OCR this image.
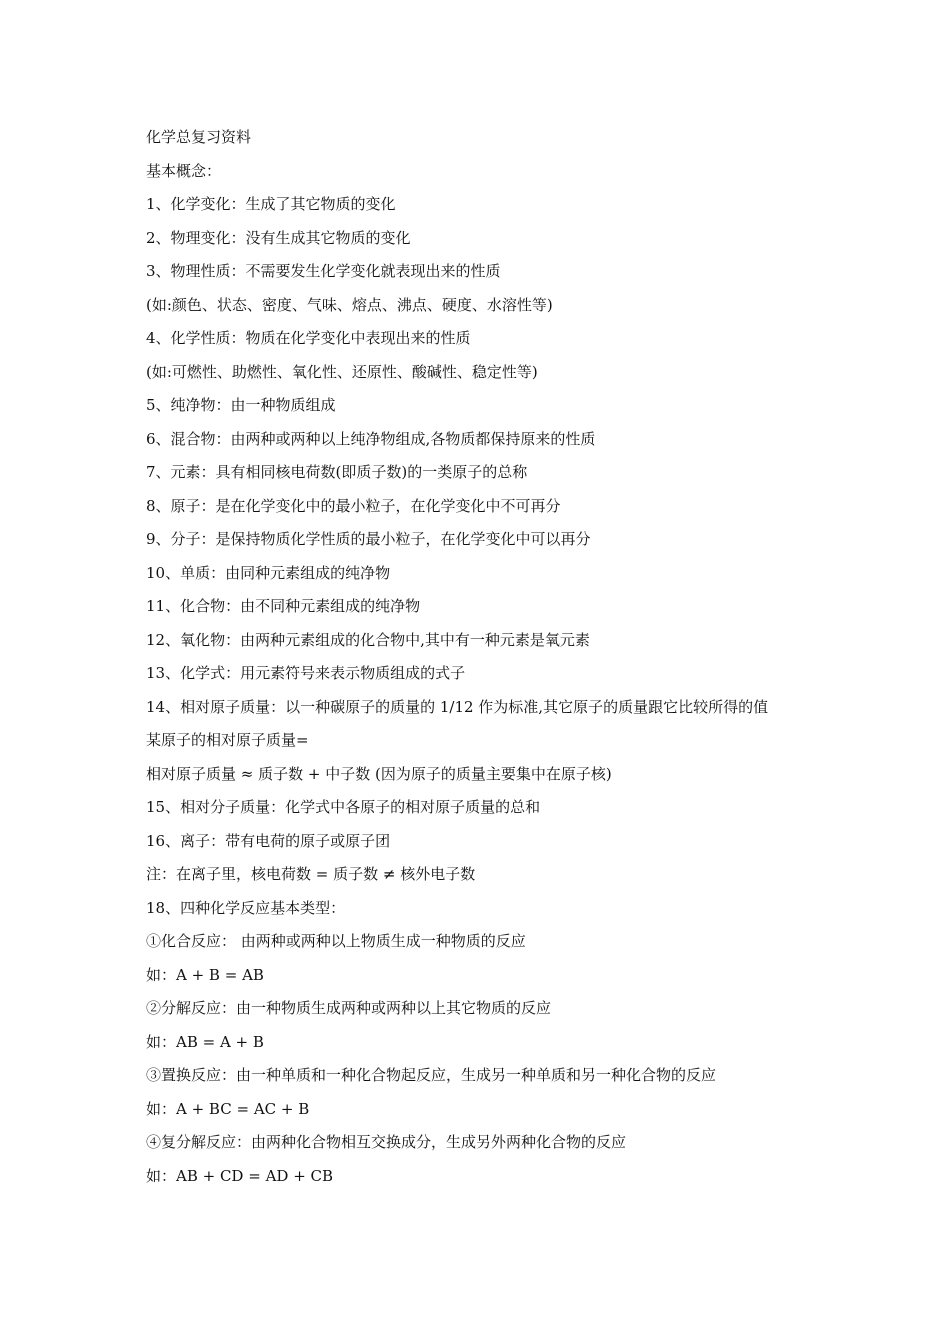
化学总复习资料
基本概念：
1、化学变化：生成了其它物质的变化
2、物理变化：没有生成其它物质的变化
3、物理性质：不需要发生化学变化就表现出来的性质
(如:颜色、状态、密度、气味、熔点、沸点、硬度、水溶性等)
4、化学性质：物质在化学变化中表现出来的性质
(如:可燃性、助燃性、氧化性、还原性、酸碱性、稳定性等)
5、纯净物：由一种物质组成
6、混合物：由两种或两种以上纯净物组成,各物质都保持原来的性质
7、元素：具有相同核电荷数(即质子数)的一类原子的总称
8、原子：是在化学变化中的最小粒子，在化学变化中不可再分
9、分子：是保持物质化学性质的最小粒子，在化学变化中可以再分
10、单质：由同种元素组成的纯净物
11、化合物：由不同种元素组成的纯净物
12、氧化物：由两种元素组成的化合物中,其中有一种元素是氧元素
13、化学式：用元素符号来表示物质组成的式子
14、相对原子质量：以一种碳原子的质量的 1/12 作为标准,其它原子的质量跟它比较所得的值
某原子的相对原子质量=
相对原子质量 ≈ 质子数 + 中子数 (因为原子的质量主要集中在原子核)
15、相对分子质量：化学式中各原子的相对原子质量的总和
16、离子：带有电荷的原子或原子团
注：在离子里，核电荷数 = 质子数 ≠ 核外电子数
18、四种化学反应基本类型：
①化合反应： 由两种或两种以上物质生成一种物质的反应
如：A + B = AB
②分解反应：由一种物质生成两种或两种以上其它物质的反应
如：AB = A + B
③置换反应：由一种单质和一种化合物起反应，生成另一种单质和另一种化合物的反应
如：A + BC = AC + B
④复分解反应：由两种化合物相互交换成分，生成另外两种化合物的反应
如：AB + CD = AD + CB
